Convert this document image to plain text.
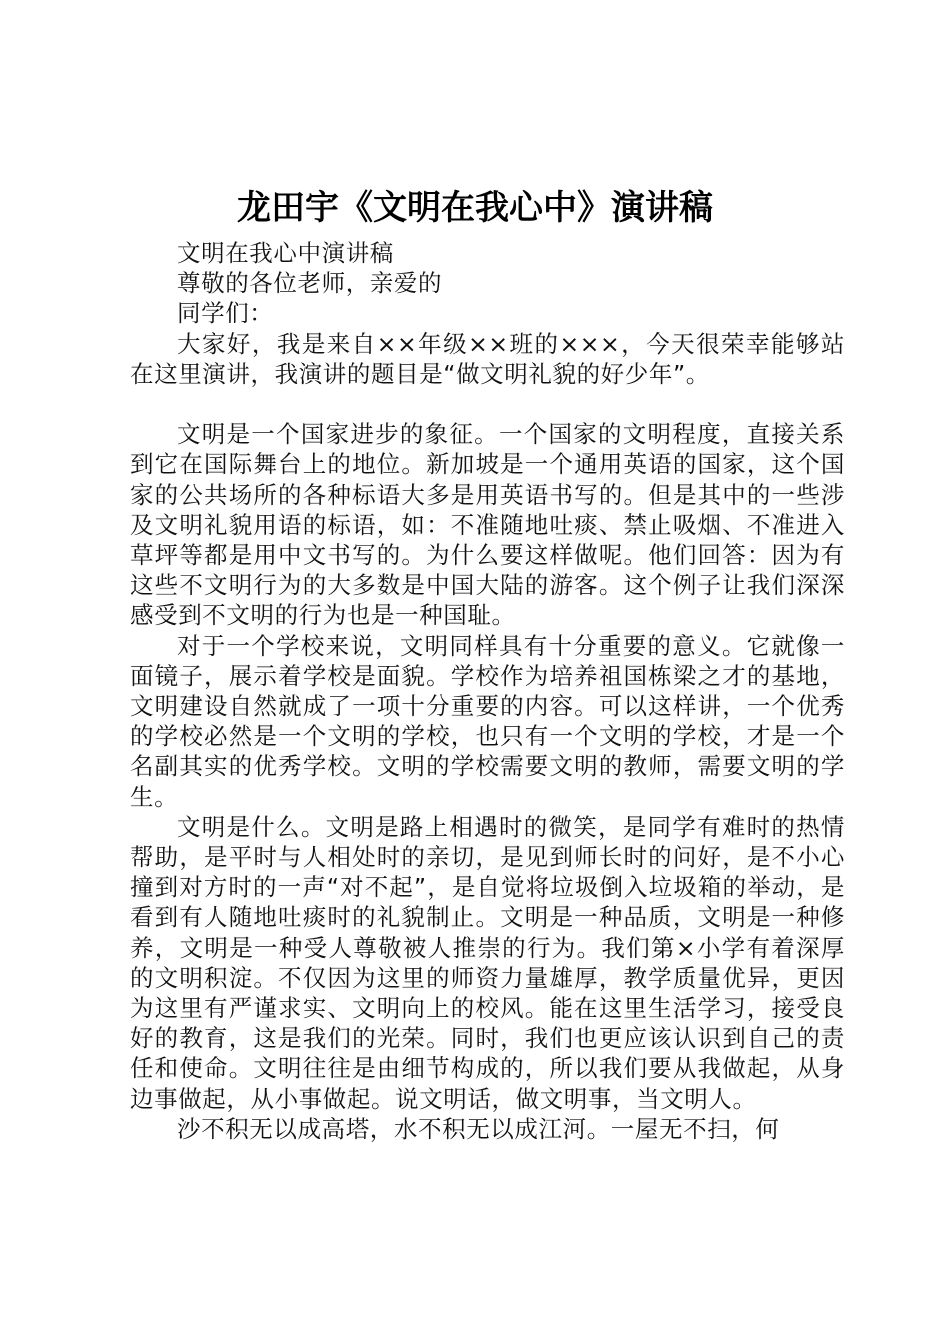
龙田宇《文明在我心中》演讲稿

文明在我心中演讲稿

尊敬的各位老师，亲爱的

同学们：

大家好，我是来自××年级××班的×××，今天很荣幸能够站在这里演讲，我演讲的题目是“做文明礼貌的好少年”。

文明是一个国家进步的象征。一个国家的文明程度，直接关系到它在国际舞台上的地位。新加坡是一个通用英语的国家，这个国家的公共场所的各种标语大多是用英语书写的。但是其中的一些涉及文明礼貌用语的标语，如：不准随地吐痰、禁止吸烟、不准进入草坪等都是用中文书写的。为什么要这样做呢。他们回答：因为有这些不文明行为的大多数是中国大陆的游客。这个例子让我们深深感受到不文明的行为也是一种国耻。

对于一个学校来说，文明同样具有十分重要的意义。它就像一面镜子，展示着学校是面貌。学校作为培养祖国栋梁之才的基地，文明建设自然就成了一项十分重要的内容。可以这样讲，一个优秀的学校必然是一个文明的学校，也只有一个文明的学校，才是一个名副其实的优秀学校。文明的学校需要文明的教师，需要文明的学生。

文明是什么。文明是路上相遇时的微笑，是同学有难时的热情帮助，是平时与人相处时的亲切，是见到师长时的问好，是不小心撞到对方时的一声“对不起”，是自觉将垃圾倒入垃圾箱的举动，是看到有人随地吐痰时的礼貌制止。文明是一种品质，文明是一种修养，文明是一种受人尊敬被人推崇的行为。我们第×小学有着深厚的文明积淀。不仅因为这里的师资力量雄厚，教学质量优异，更因为这里有严谨求实、文明向上的校风。能在这里生活学习，接受良好的教育，这是我们的光荣。同时，我们也更应该认识到自己的责任和使命。文明往往是由细节构成的，所以我们要从我做起，从身边事做起，从小事做起。说文明话，做文明事，当文明人。

沙不积无以成高塔，水不积无以成江河。一屋无不扫，何
